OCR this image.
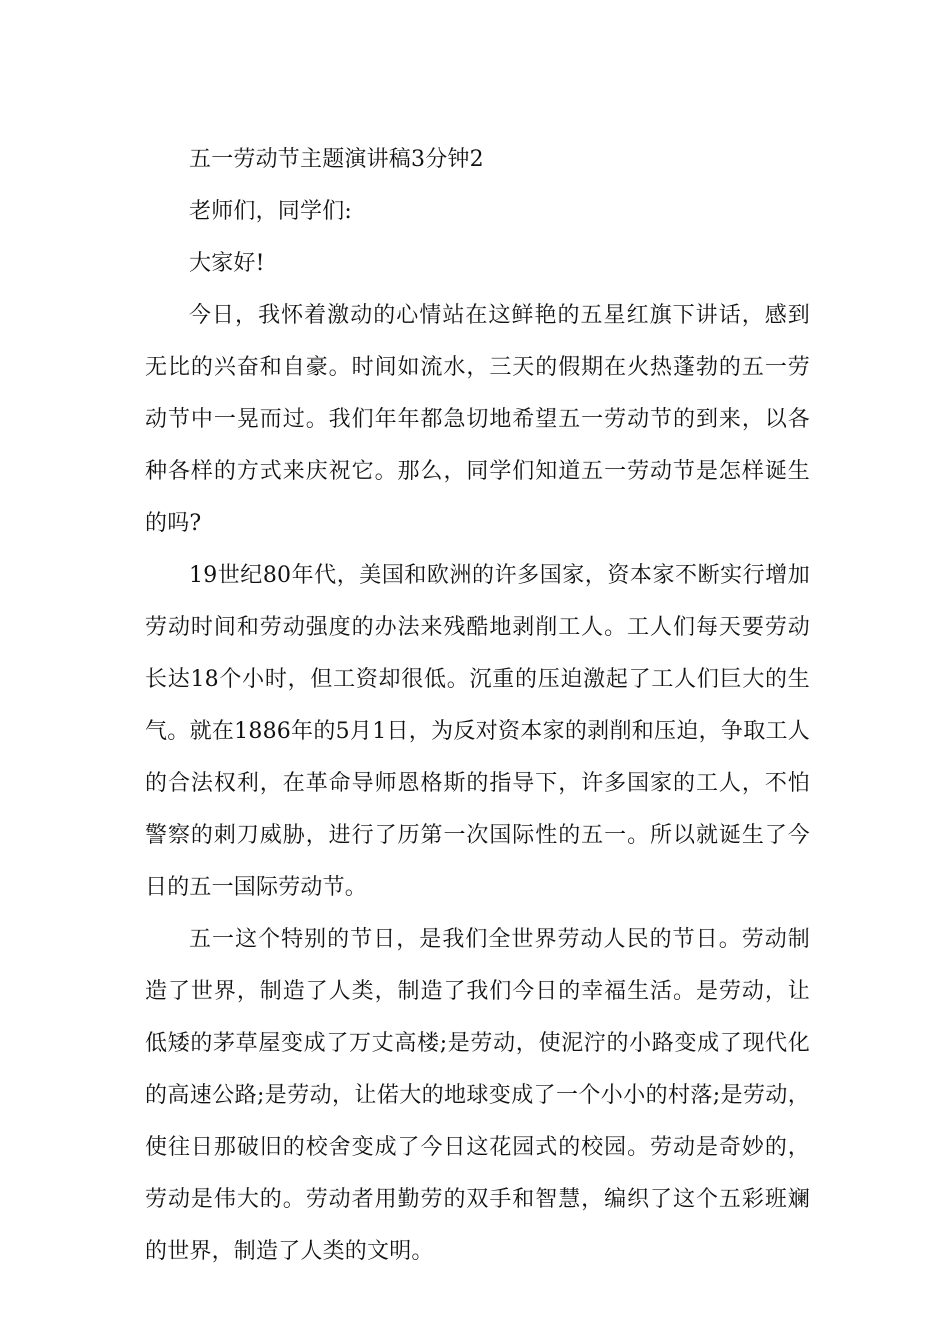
五一劳动节主题演讲稿3分钟2

老师们，同学们:

大家好!

今日，我怀着激动的心情站在这鲜艳的五星红旗下讲话，感到无比的兴奋和自豪。时间如流水，三天的假期在火热蓬勃的五一劳动节中一晃而过。我们年年都急切地希望五一劳动节的到来，以各种各样的方式来庆祝它。那么，同学们知道五一劳动节是怎样诞生的吗?

19世纪80年代，美国和欧洲的许多国家，资本家不断实行增加劳动时间和劳动强度的办法来残酷地剥削工人。工人们每天要劳动长达18个小时，但工资却很低。沉重的压迫激起了工人们巨大的生气。就在1886年的5月1日，为反对资本家的剥削和压迫，争取工人的合法权利，在革命导师恩格斯的指导下，许多国家的工人，不怕警察的刺刀威胁，进行了历第一次国际性的五一。所以就诞生了今日的五一国际劳动节。

五一这个特别的节日，是我们全世界劳动人民的节日。劳动制造了世界，制造了人类，制造了我们今日的幸福生活。是劳动，让低矮的茅草屋变成了万丈高楼;是劳动，使泥泞的小路变成了现代化的高速公路;是劳动，让偌大的地球变成了一个小小的村落;是劳动，使往日那破旧的校舍变成了今日这花园式的校园。劳动是奇妙的，劳动是伟大的。劳动者用勤劳的双手和智慧，编织了这个五彩班斓的世界，制造了人类的文明。
